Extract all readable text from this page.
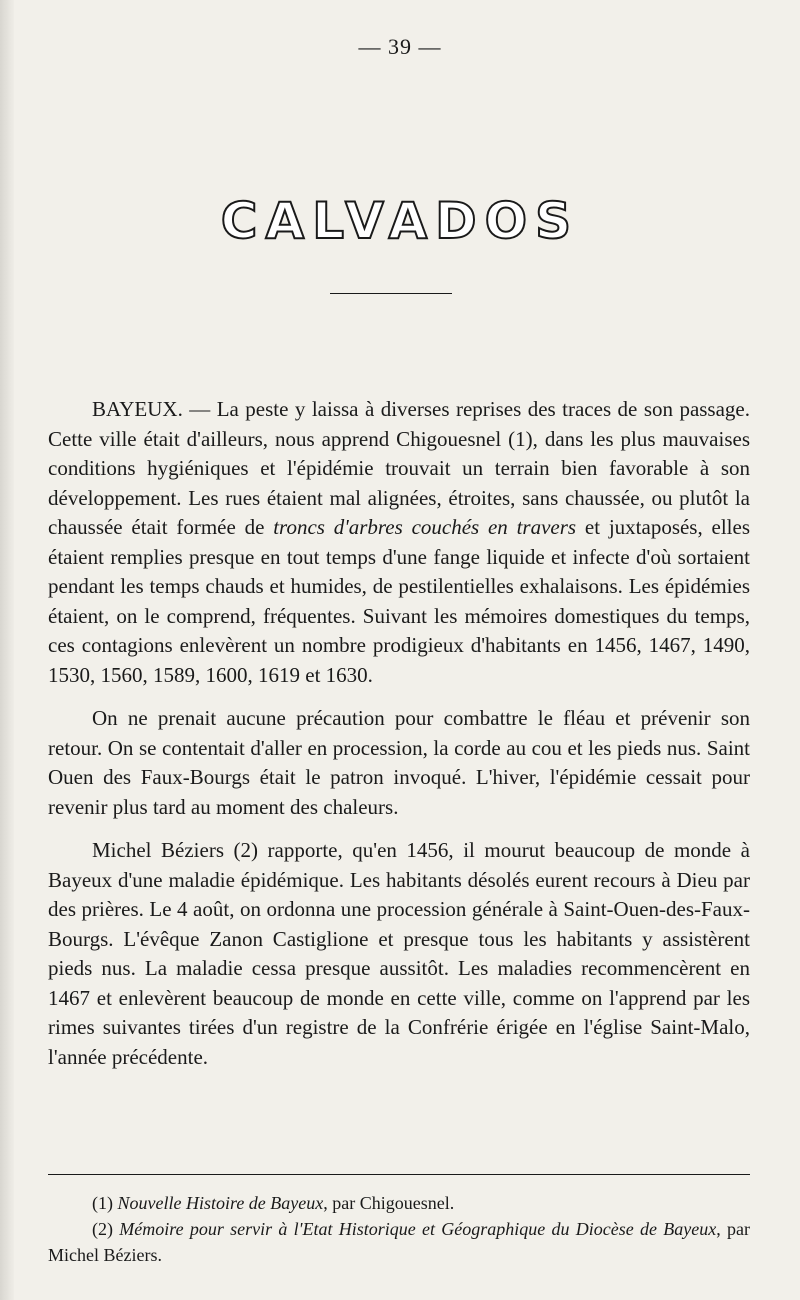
— 39 —
CALVADOS

BAYEUX. — La peste y laissa à diverses reprises des traces de son passage. Cette ville était d'ailleurs, nous apprend Chigouesnel (1), dans les plus mauvaises conditions hygiéniques et l'épidémie trouvait un terrain bien favorable à son développement. Les rues étaient mal alignées, étroites, sans chaussée, ou plutôt la chaussée était formée de troncs d'arbres couchés en travers et juxtaposés, elles étaient remplies presque en tout temps d'une fange liquide et infecte d'où sortaient pendant les temps chauds et humides, de pestilentielles exhalaisons. Les épidémies étaient, on le comprend, fréquentes. Suivant les mémoires domestiques du temps, ces contagions enlevèrent un nombre prodigieux d'habitants en 1456, 1467, 1490, 1530, 1560, 1589, 1600, 1619 et 1630.

On ne prenait aucune précaution pour combattre le fléau et prévenir son retour. On se contentait d'aller en procession, la corde au cou et les pieds nus. Saint Ouen des Faux-Bourgs était le patron invoqué. L'hiver, l'épidémie cessait pour revenir plus tard au moment des chaleurs.

Michel Béziers (2) rapporte, qu'en 1456, il mourut beaucoup de monde à Bayeux d'une maladie épidémique. Les habitants désolés eurent recours à Dieu par des prières. Le 4 août, on ordonna une procession générale à Saint-Ouen-des-Faux-Bourgs. L'évêque Zanon Castiglione et presque tous les habitants y assistèrent pieds nus. La maladie cessa presque aussitôt. Les maladies recommencèrent en 1467 et enlevèrent beaucoup de monde en cette ville, comme on l'apprend par les rimes suivantes tirées d'un registre de la Confrérie érigée en l'église Saint-Malo, l'année précédente.

(1) Nouvelle Histoire de Bayeux, par Chigouesnel.
(2) Mémoire pour servir à l'Etat Historique et Géographique du Diocèse de Bayeux, par Michel Béziers.
